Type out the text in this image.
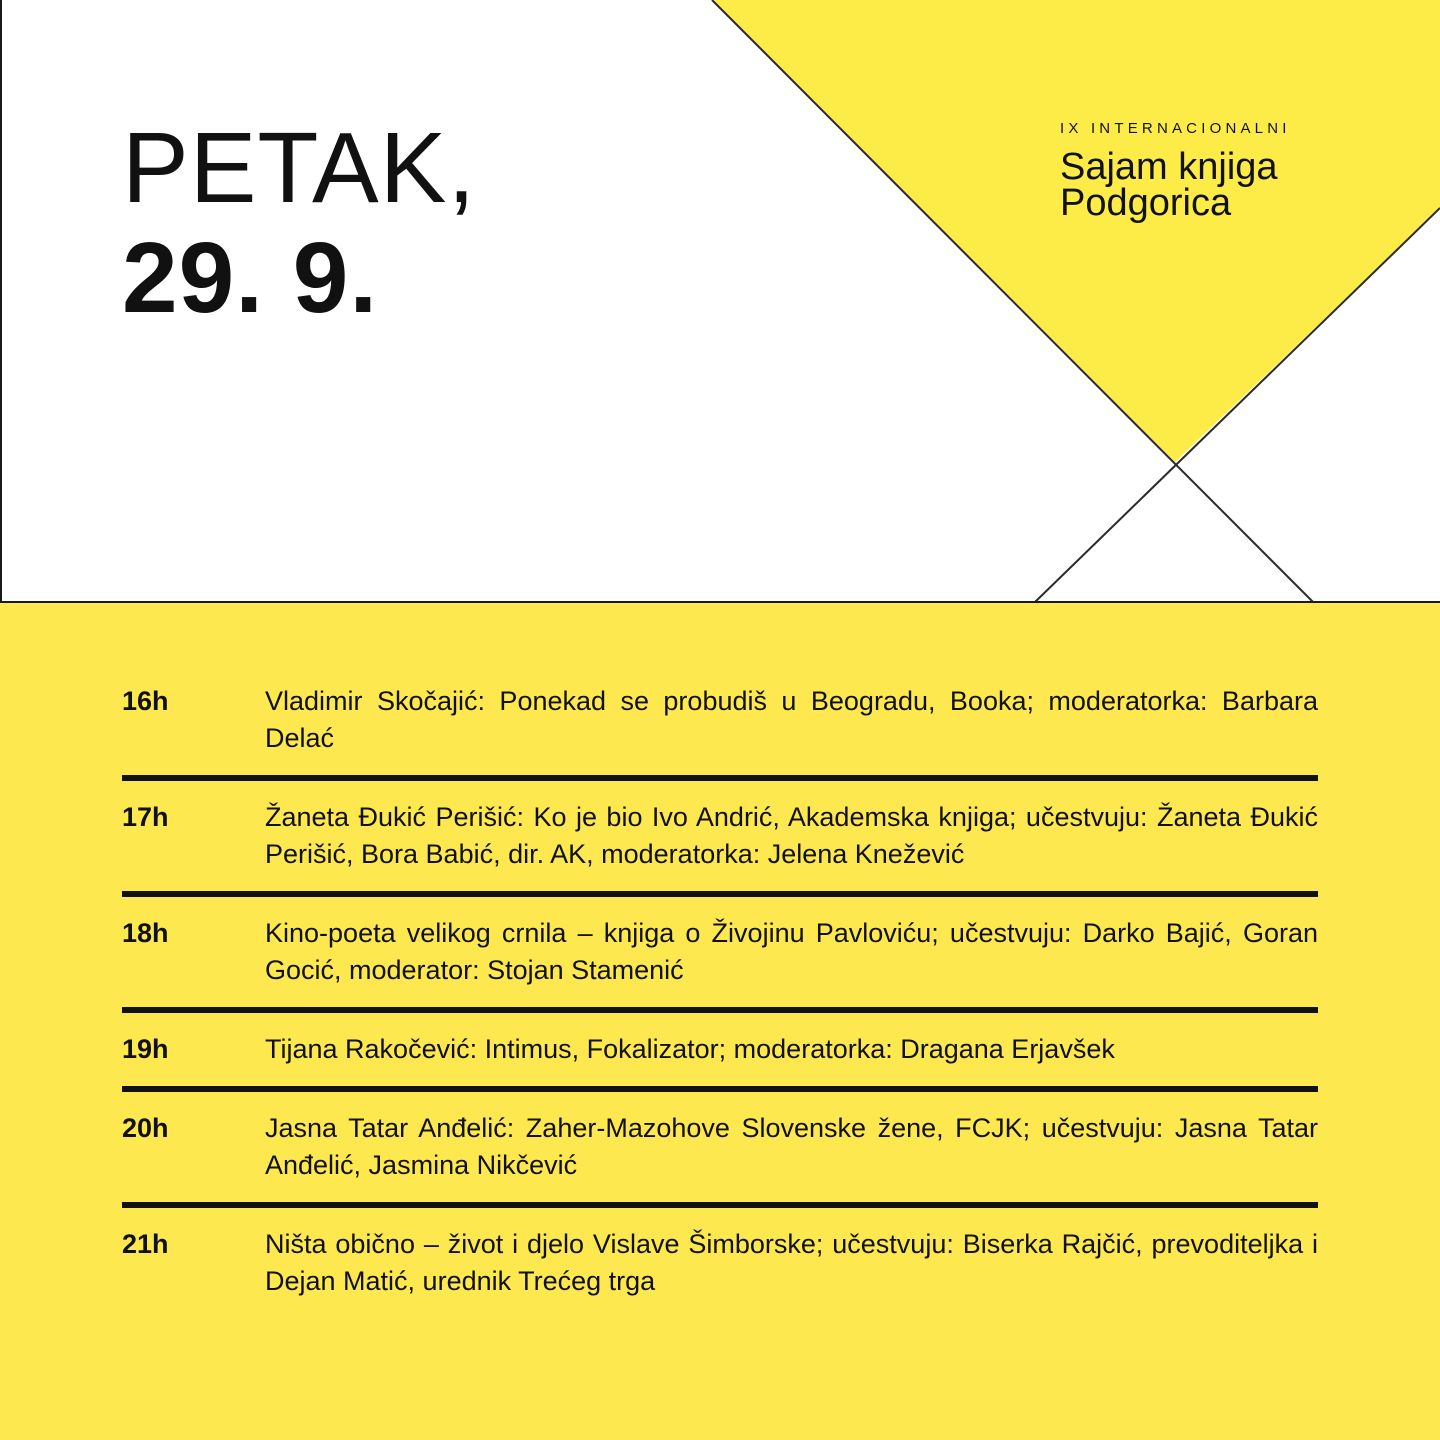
PETAK,
29. 9.
IX INTERNACIONALNI
Sajam knjiga
Podgorica
16h	Vladimir Skočajić: Ponekad se probudiš u Beogradu, Booka; moderatorka: Barbara Delać
17h	Žaneta Đukić Perišić: Ko je bio Ivo Andrić, Akademska knjiga; učestvuju: Žaneta Đukić Perišić, Bora Babić, dir. AK, moderatorka: Jelena Knežević
18h	Kino-poeta velikog crnila – knjiga o Živojinu Pavloviću; učestvuju: Darko Bajić, Goran Gocić, moderator: Stojan Stamenić
19h	Tijana Rakočević: Intimus, Fokalizator; moderatorka: Dragana Erjavšek
20h	Jasna Tatar Anđelić: Zaher-Mazohove Slovenske žene, FCJK; učestvuju: Jasna Tatar Anđelić, Jasmina Nikčević
21h	Ništa obično – život i djelo Vislave Šimborske; učestvuju: Biserka Rajčić, prevoditeljka i Dejan Matić, urednik Trećeg trga
